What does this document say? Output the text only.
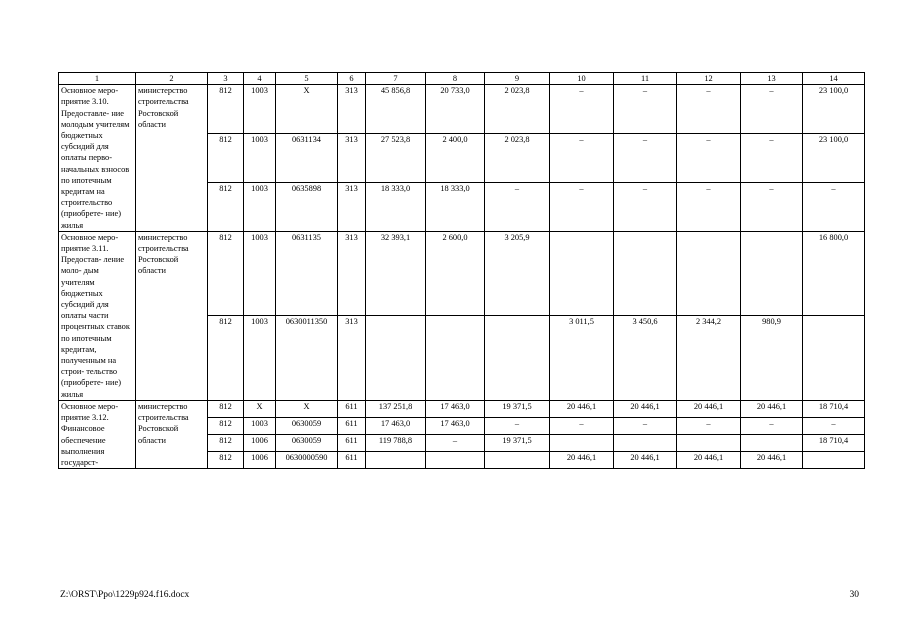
1	2	3	4	5	6	7	8	9	10	11	12	13	14
Основное меро- приятие 3.10. Предоставле- ние молодым учителям бюджетных субсидий для оплаты перво- начальных взносов по ипотечным кредитам на строительство (приобрете- ние) жилья	министерство строительства Ростовской области	812	1003	Х	313	45 856,8	20 733,0	2 023,8	–	–	–	–	23 100,0
		812	1003	0631134	313	27 523,8	2 400,0	2 023,8	–	–	–	–	23 100,0
		812	1003	0635898	313	18 333,0	18 333,0	–	–	–	–	–	–
Основное меро- приятие 3.11. Предостав- ление моло- дым учителям бюджетных субсидий для оплаты части процентных ставок по ипотечным кредитам, полученным на строи- тельство (приобрете- ние) жилья	министерство строительства Ростовской области	812	1003	0631135	313	32 393,1	2 600,0	3 205,9					16 800,0
		812	1003	0630011350	313				3 011,5	3 450,6	2 344,2	980,9	
Основное меро- приятие 3.12. Финансовое обеспечение выполнения государст-	министерство строительства Ростовской области	812	Х	Х	611	137 251,8	17 463,0	19 371,5	20 446,1	20 446,1	20 446,1	20 446,1	18 710,4
		812	1003	0630059	611	17 463,0	17 463,0	–	–	–	–	–	–
		812	1006	0630059	611	119 788,8	–	19 371,5					18 710,4
		812	1006	0630000590	611				20 446,1	20 446,1	20 446,1	20 446,1	
Z:\ORST\Ppo\1229p924.f16.docx	30
